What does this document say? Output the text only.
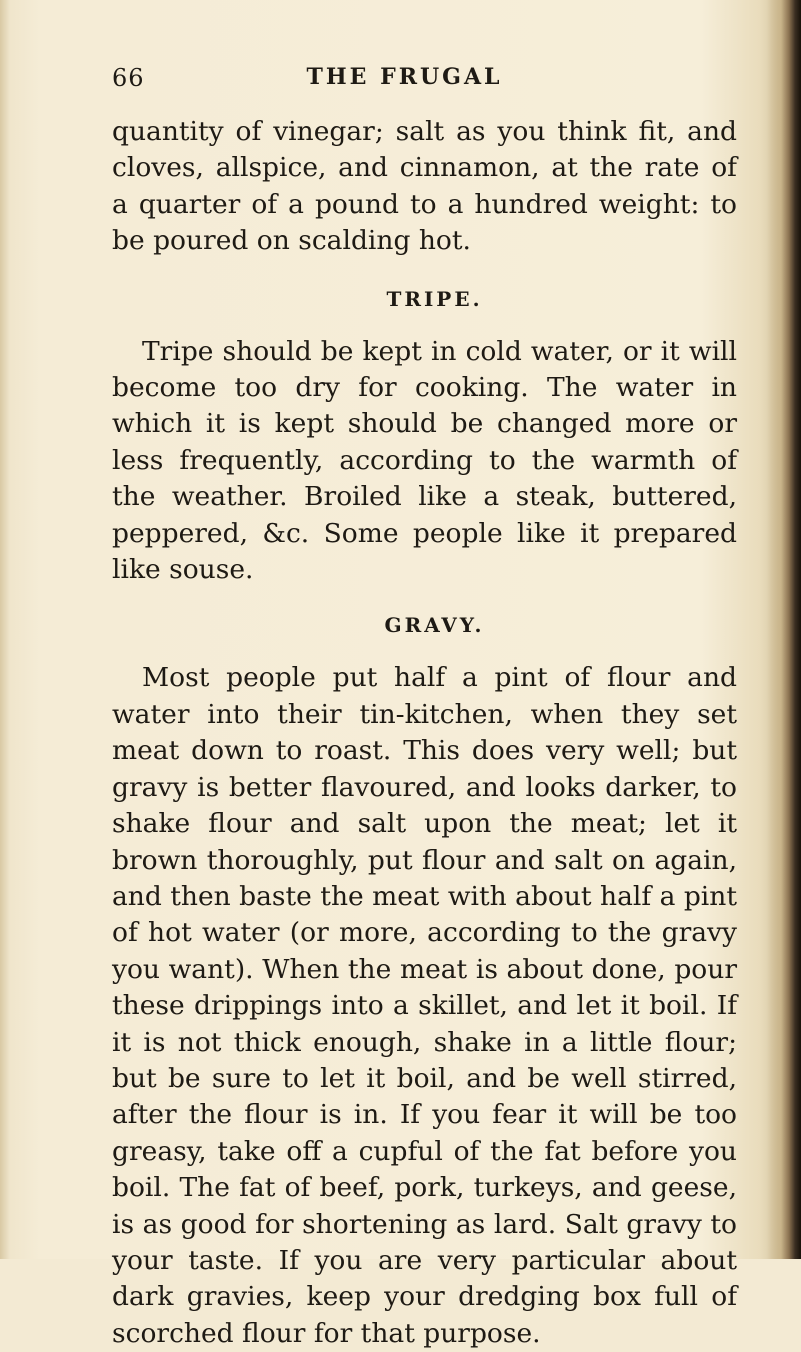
66	THE FRUGAL

quantity of vinegar; salt as you think fit, and cloves, allspice, and cinnamon, at the rate of a quarter of a pound to a hundred weight: to be poured on scalding hot.

TRIPE.

Tripe should be kept in cold water, or it will become too dry for cooking. The water in which it is kept should be changed more or less frequently, according to the warmth of the weather. Broiled like a steak, buttered, peppered, &c. Some people like it prepared like souse.

GRAVY.

Most people put half a pint of flour and water into their tin-kitchen, when they set meat down to roast. This does very well; but gravy is better flavoured, and looks darker, to shake flour and salt upon the meat; let it brown thoroughly, put flour and salt on again, and then baste the meat with about half a pint of hot water (or more, according to the gravy you want). When the meat is about done, pour these drippings into a skillet, and let it boil. If it is not thick enough, shake in a little flour; but be sure to let it boil, and be well stirred, after the flour is in. If you fear it will be too greasy, take off a cupful of the fat before you boil. The fat of beef, pork, turkeys, and geese, is as good for shortening as lard. Salt gravy to your taste. If you are very particular about dark gravies, keep your dredging box full of scorched flour for that purpose.
